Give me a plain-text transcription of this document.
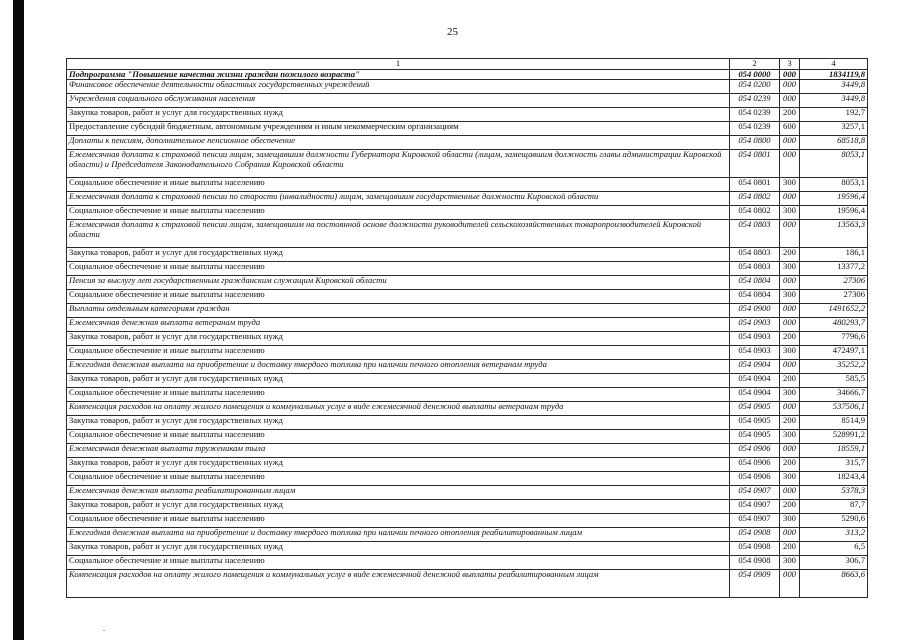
25
1	2	3	4
Подпрограмма "Повышение качества жизни граждан пожилого возраста"	054 0000	000	1834119,8
Финансовое обеспечение деятельности областных государственных учреждений	054 0200	000	3449,8
Учреждения социального обслуживания населения	054 0239	000	3449,8
Закупка товаров, работ и услуг для государственных нужд	054 0239	200	192,7
Предоставление субсидий бюджетным, автономным учреждениям и иным некоммерческим организациям	054 0239	600	3257,1
Доплаты к пенсиям, дополнительное пенсионное обеспечение	054 0800	000	68518,8
Ежемесячная доплата к страховой пенсии лицам, замещавшим должности Губернатора Кировской области (лицам, замещавшим должность главы администрации Кировской области) и Председателя Законодательного Собрания Кировской области	054 0801	000	8053,1
Социальное обеспечение и иные выплаты населению	054 0801	300	8053,1
Ежемесячная доплата к страховой пенсии по старости (инвалидности) лицам, замещавшим государственные должности Кировской области	054 0802	000	19596,4
Социальное обеспечение и иные выплаты населению	054 0802	300	19596,4
Ежемесячная доплата к страховой пенсии лицам, замещавшим на постоянной основе должности руководителей сельскохозяйственных товаропроизводителей Кировской области	054 0803	000	13563,3
Закупка товаров, работ и услуг для государственных нужд	054 0803	200	186,1
Социальное обеспечение и иные выплаты населению	054 0803	300	13377,2
Пенсия за выслугу лет государственным гражданским служащим Кировской области	054 0804	000	27306
Социальное обеспечение и иные выплаты населению	054 0804	300	27306
Выплаты отдельным категориям граждан	054 0900	000	1491652,2
Ежемесячная денежная выплата ветеранам труда	054 0903	000	480293,7
Закупка товаров, работ и услуг для государственных нужд	054 0903	200	7796,6
Социальное обеспечение и иные выплаты населению	054 0903	300	472497,1
Ежегодная денежная выплата на приобретение и доставку твердого топлива при наличии печного отопления ветеранам труда	054 0904	000	35252,2
Закупка товаров, работ и услуг для государственных нужд	054 0904	200	585,5
Социальное обеспечение и иные выплаты населению	054 0904	300	34666,7
Компенсация расходов на оплату жилого помещения и коммунальных услуг в виде ежемесячной денежной выплаты ветеранам труда	054 0905	000	537506,1
Закупка товаров, работ и услуг для государственных нужд	054 0905	200	8514,9
Социальное обеспечение и иные выплаты населению	054 0905	300	528991,2
Ежемесячная денежная выплата труженикам тыла	054 0906	000	18559,1
Закупка товаров, работ и услуг для государственных нужд	054 0906	200	315,7
Социальное обеспечение и иные выплаты населению	054 0906	300	18243,4
Ежемесячная денежная выплата реабилитированным лицам	054 0907	000	5378,3
Закупка товаров, работ и услуг для государственных нужд	054 0907	200	87,7
Социальное обеспечение и иные выплаты населению	054 0907	300	5290,6
Ежегодная денежная выплата на приобретение и доставку твердого топлива при наличии печного отопления реабилитированным лицам	054 0908	000	313,2
Закупка товаров, работ и услуг для государственных нужд	054 0908	200	6,5
Социальное обеспечение и иные выплаты населению	054 0908	300	306,7
Компенсация расходов на оплату жилого помещения и коммунальных услуг в виде ежемесячной денежной выплаты реабилитированным лицам	054 0909	000	8663,6
.
